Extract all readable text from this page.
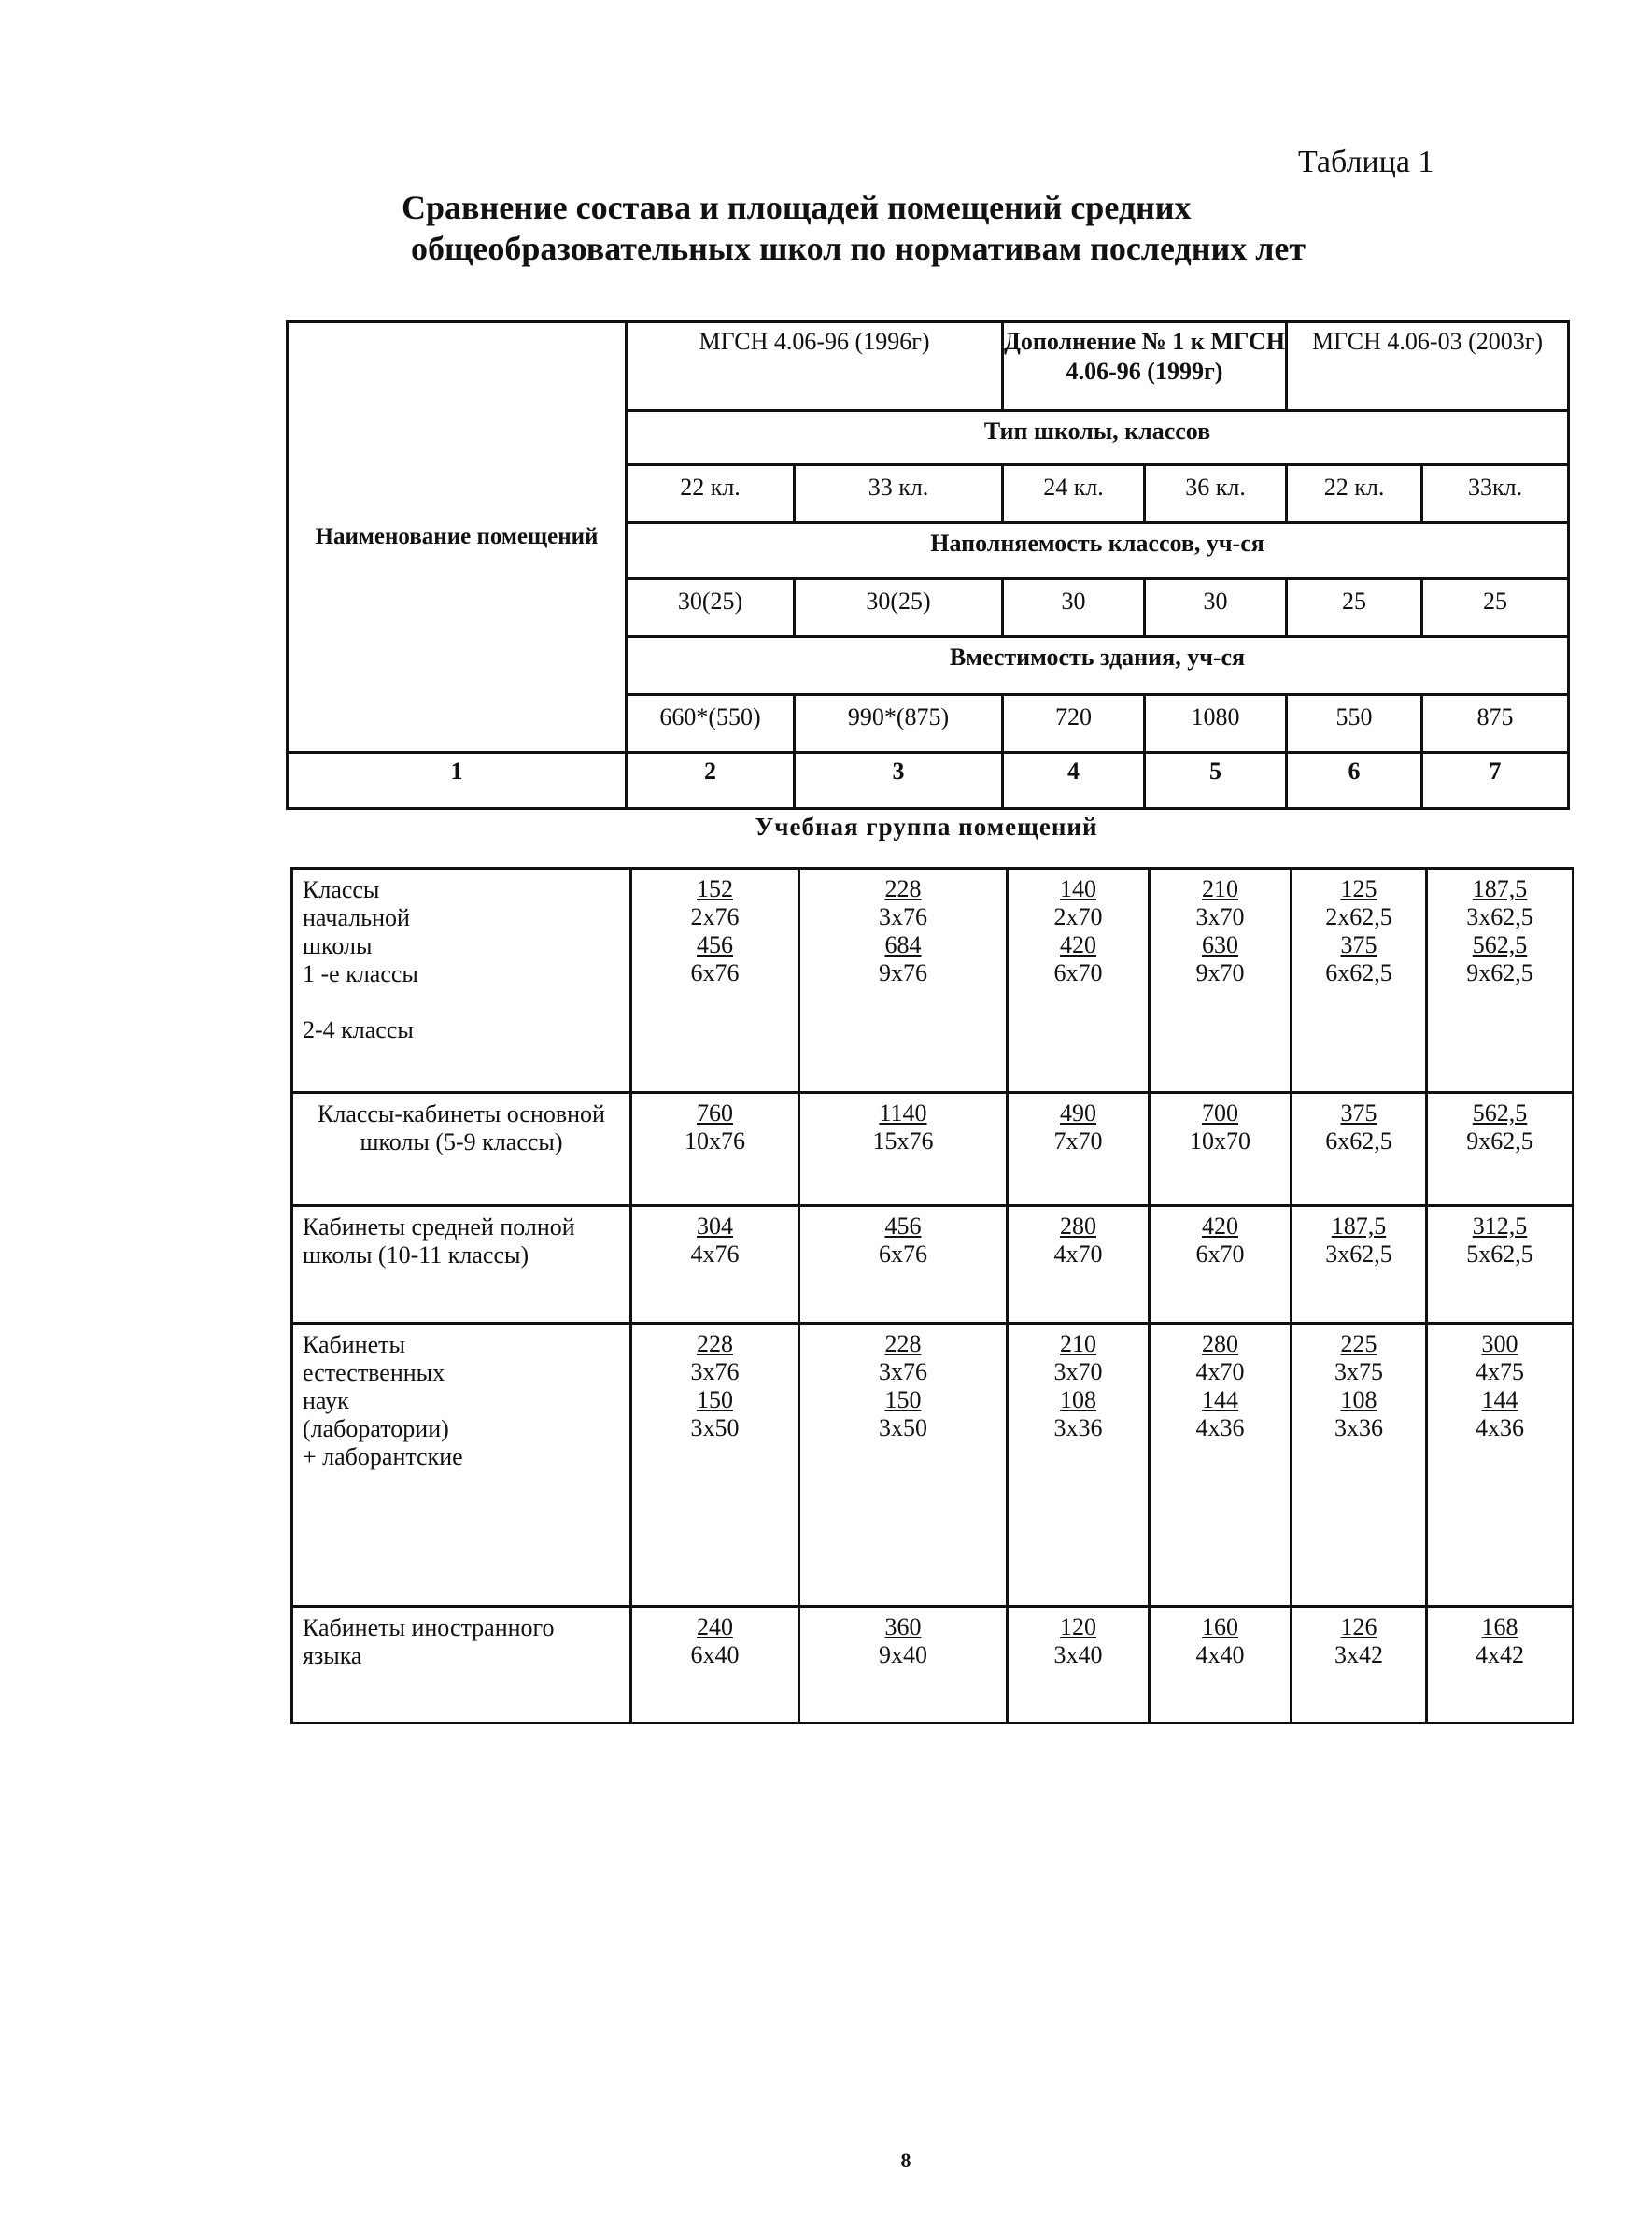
Таблица 1
Сравнение состава и площадей помещений средних
общеобразовательных школ по нормативам последних лет
Наименование помещений	МГСН 4.06-96 (1996г)		Дополнение № 1 к МГСН 4.06-96 (1999г)		МГСН 4.06-03 (2003г)	
	Тип школы, классов					
	22 кл.	33 кл.	24 кл.	36 кл.	22 кл.	33кл.
	Наполняемость классов, уч-ся					
	30(25)	30(25)	30	30	25	25
	Вместимость здания, уч-ся					
	660*(550)	990*(875)	720	1080	550	875
1	2	3	4	5	6	7
Учебная группа помещений
Классы
начальной
школы
1 -е классы
2-4 классы	152
2х76
456
6х76	228
3х76
684
9х76	140
2х70
420
6х70	210
3х70
630
9х70	125
2х62,5
375
6х62,5	187,5
3х62,5
562,5
9х62,5

Классы-кабинеты основной
школы (5-9 классы)	760
10х76	1140
15х76	490
7х70	700
10х70	375
6х62,5	562,5
9х62,5

Кабинеты средней полной
школы (10-11 классы)	304
4х76	456
6х76	280
4х70	420
6х70	187,5
3х62,5	312,5
5х62,5

Кабинеты
естественных
наук
(лаборатории)
+ лаборантские	228
3х76
150
3х50	228
3х76
150
3х50	210
3х70
108
3х36	280
4х70
144
4х36	225
3х75
108
3х36	300
4х75
144
4х36

Кабинеты иностранного
языка	240
6х40	360
9х40	120
3х40	160
4х40	126
3х42	168
4х42
8
